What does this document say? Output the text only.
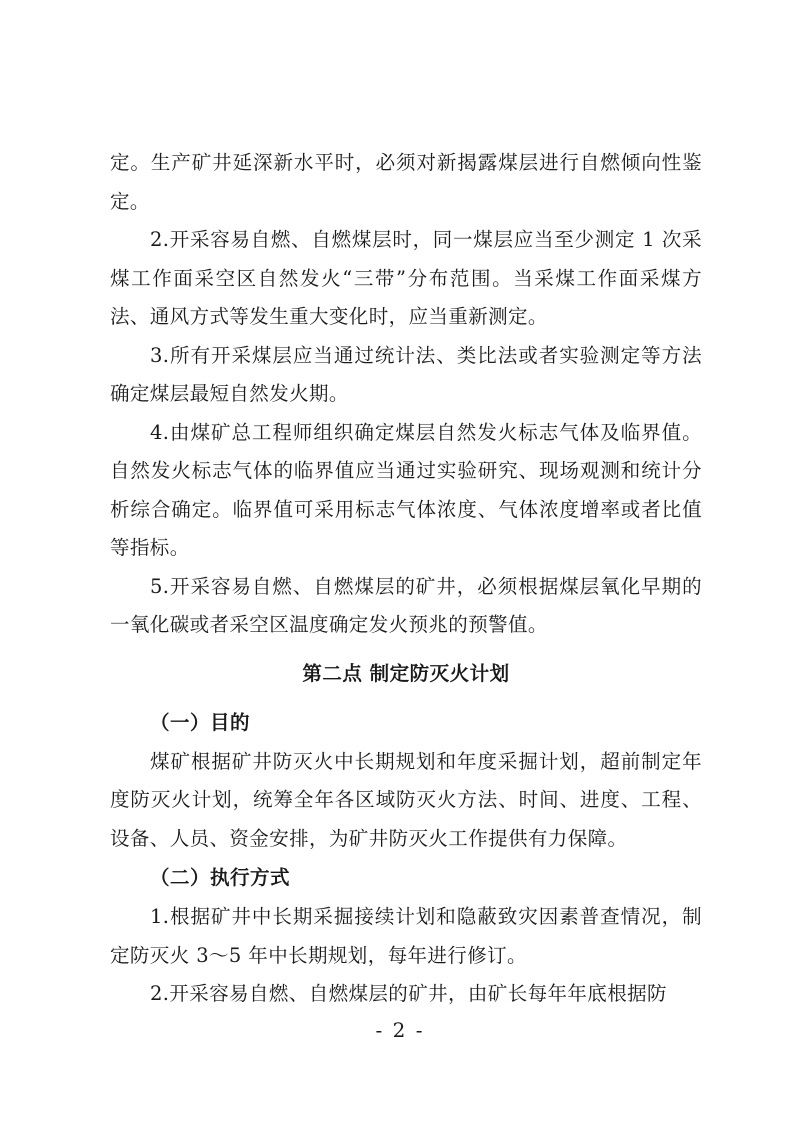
定。生产矿井延深新水平时，必须对新揭露煤层进行自燃倾向性鉴定。

2.开采容易自燃、自燃煤层时，同一煤层应当至少测定 1 次采煤工作面采空区自然发火“三带”分布范围。当采煤工作面采煤方法、通风方式等发生重大变化时，应当重新测定。

3.所有开采煤层应当通过统计法、类比法或者实验测定等方法确定煤层最短自然发火期。

4.由煤矿总工程师组织确定煤层自然发火标志气体及临界值。自然发火标志气体的临界值应当通过实验研究、现场观测和统计分析综合确定。临界值可采用标志气体浓度、气体浓度增率或者比值等指标。

5.开采容易自燃、自燃煤层的矿井，必须根据煤层氧化早期的一氧化碳或者采空区温度确定发火预兆的预警值。

第二点 制定防灭火计划
（一）目的

煤矿根据矿井防灭火中长期规划和年度采掘计划，超前制定年度防灭火计划，统筹全年各区域防灭火方法、时间、进度、工程、设备、人员、资金安排，为矿井防灭火工作提供有力保障。

（二）执行方式

1.根据矿井中长期采掘接续计划和隐蔽致灾因素普查情况，制定防灭火 3～5 年中长期规划，每年进行修订。

2.开采容易自燃、自燃煤层的矿井，由矿长每年年底根据防

- 2 -
